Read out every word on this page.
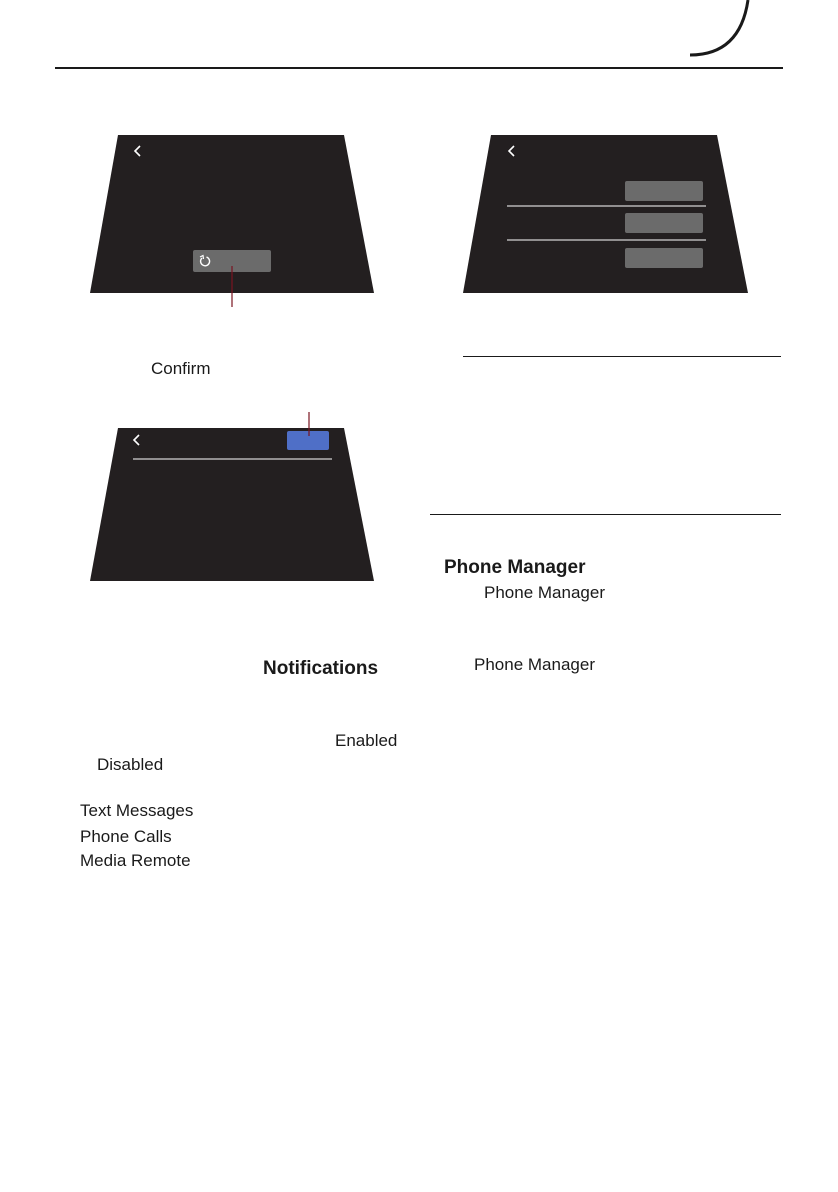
Confirm
Phone Manager
Phone Manager
Phone Manager
Notifications
Enabled
Disabled
Text Messages
Phone Calls
Media Remote
